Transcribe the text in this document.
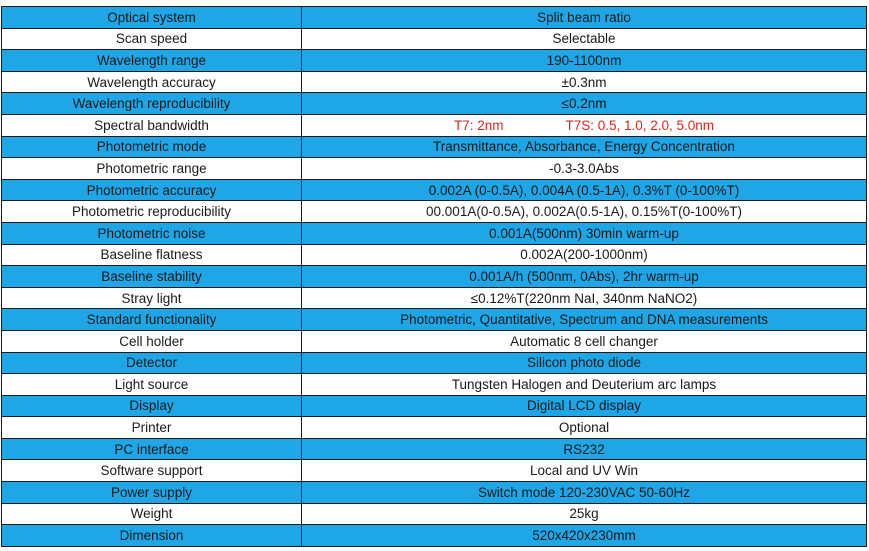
Optical system	Split beam ratio
Scan speed	Selectable
Wavelength range	190-1100nm
Wavelength accuracy	±0.3nm
Wavelength reproducibility	≤0.2nm
Spectral bandwidth	T7: 2nm T7S: 0.5, 1.0, 2.0, 5.0nm
Photometric mode	Transmittance, Absorbance, Energy Concentration
Photometric range	-0.3-3.0Abs
Photometric accuracy	0.002A (0-0.5A), 0.004A (0.5-1A), 0.3%T (0-100%T)
Photometric reproducibility	00.001A(0-0.5A), 0.002A(0.5-1A), 0.15%T(0-100%T)
Photometric noise	0.001A(500nm) 30min warm-up
Baseline flatness	0.002A(200-1000nm)
Baseline stability	0.001A/h (500nm, 0Abs), 2hr warm-up
Stray light	≤0.12%T(220nm NaI, 340nm NaNO2)
Standard functionality	Photometric, Quantitative, Spectrum and DNA measurements
Cell holder	Automatic 8 cell changer
Detector	Silicon photo diode
Light source	Tungsten Halogen and Deuterium arc lamps
Display	Digital LCD display
Printer	Optional
PC interface	RS232
Software support	Local and UV Win
Power supply	Switch mode 120-230VAC 50-60Hz
Weight	25kg
Dimension	520x420x230mm
